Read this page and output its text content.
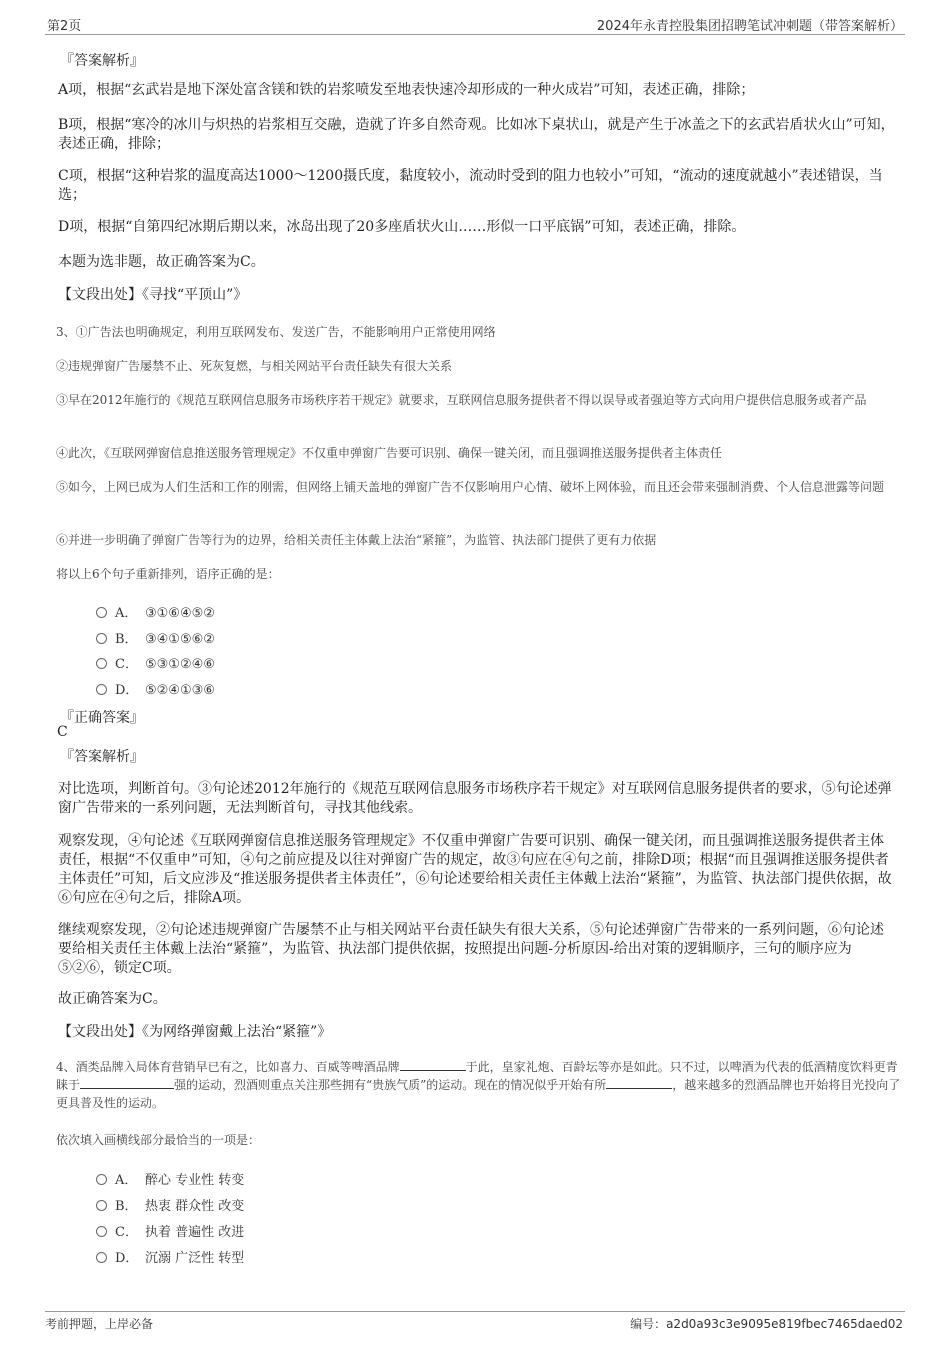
第2页	2024年永青控股集团招聘笔试冲刺题（带答案解析）
『答案解析』
A项，根据“玄武岩是地下深处富含镁和铁的岩浆喷发至地表快速冷却形成的一种火成岩”可知，表述正确，排除；
B项，根据“寒冷的冰川与炽热的岩浆相互交融，造就了许多自然奇观。比如冰下桌状山，就是产生于冰盖之下的玄武岩盾状火山”可知，表述正确，排除；
C项，根据“这种岩浆的温度高达1000～1200摄氏度，黏度较小，流动时受到的阻力也较小”可知，“流动的速度就越小”表述错误，当选；
D项，根据“自第四纪冰期后期以来，冰岛出现了20多座盾状火山……形似一口平底锅”可知，表述正确，排除。
本题为选非题，故正确答案为C。
【文段出处】《寻找“平顶山”》
3、①广告法也明确规定，利用互联网发布、发送广告，不能影响用户正常使用网络
②违规弹窗广告屡禁不止、死灰复燃，与相关网站平台责任缺失有很大关系
③早在2012年施行的《规范互联网信息服务市场秩序若干规定》就要求，互联网信息服务提供者不得以误导或者强迫等方式向用户提供信息服务或者产品
④此次，《互联网弹窗信息推送服务管理规定》不仅重申弹窗广告要可识别、确保一键关闭，而且强调推送服务提供者主体责任
⑤如今，上网已成为人们生活和工作的刚需，但网络上铺天盖地的弹窗广告不仅影响用户心情、破坏上网体验，而且还会带来强制消费、个人信息泄露等问题
⑥并进一步明确了弹窗广告等行为的边界，给相关责任主体戴上法治“紧箍”，为监管、执法部门提供了更有力依据
将以上6个句子重新排列，语序正确的是：
A． ③①⑥④⑤②
B． ③④①⑤⑥②
C． ⑤③①②④⑥
D． ⑤②④①③⑥
『正确答案』
C
『答案解析』
对比选项，判断首句。③句论述2012年施行的《规范互联网信息服务市场秩序若干规定》对互联网信息服务提供者的要求，⑤句论述弹窗广告带来的一系列问题，无法判断首句，寻找其他线索。
观察发现，④句论述《互联网弹窗信息推送服务管理规定》不仅重申弹窗广告要可识别、确保一键关闭，而且强调推送服务提供者主体责任，根据“不仅重申”可知，④句之前应提及以往对弹窗广告的规定，故③句应在④句之前，排除D项；根据“而且强调推送服务提供者主体责任”可知，后文应涉及“推送服务提供者主体责任”，⑥句论述要给相关责任主体戴上法治“紧箍”，为监管、执法部门提供依据，故⑥句应在④句之后，排除A项。
继续观察发现，②句论述违规弹窗广告屡禁不止与相关网站平台责任缺失有很大关系，⑤句论述弹窗广告带来的一系列问题，⑥句论述要给相关责任主体戴上法治“紧箍”，为监管、执法部门提供依据，按照提出问题-分析原因-给出对策的逻辑顺序，三句的顺序应为⑤②⑥，锁定C项。
故正确答案为C。
【文段出处】《为网络弹窗戴上法治“紧箍”》
4、酒类品牌入局体育营销早已有之，比如喜力、百威等啤酒品牌	于此，皇家礼炮、百龄坛等亦是如此。只不过，以啤酒为代表的低酒精度饮料更青睐于	强的运动，烈酒则重点关注那些拥有“贵族气质”的运动。现在的情况似乎开始有所	，越来越多的烈酒品牌也开始将目光投向了更具普及性的运动。
依次填入画横线部分最恰当的一项是：
A． 醉心 专业性 转变
B． 热衷 群众性 改变
C． 执着 普遍性 改进
D． 沉溺 广泛性 转型
考前押题，上岸必备	编号：a2d0a93c3e9095e819fbec7465daed02
